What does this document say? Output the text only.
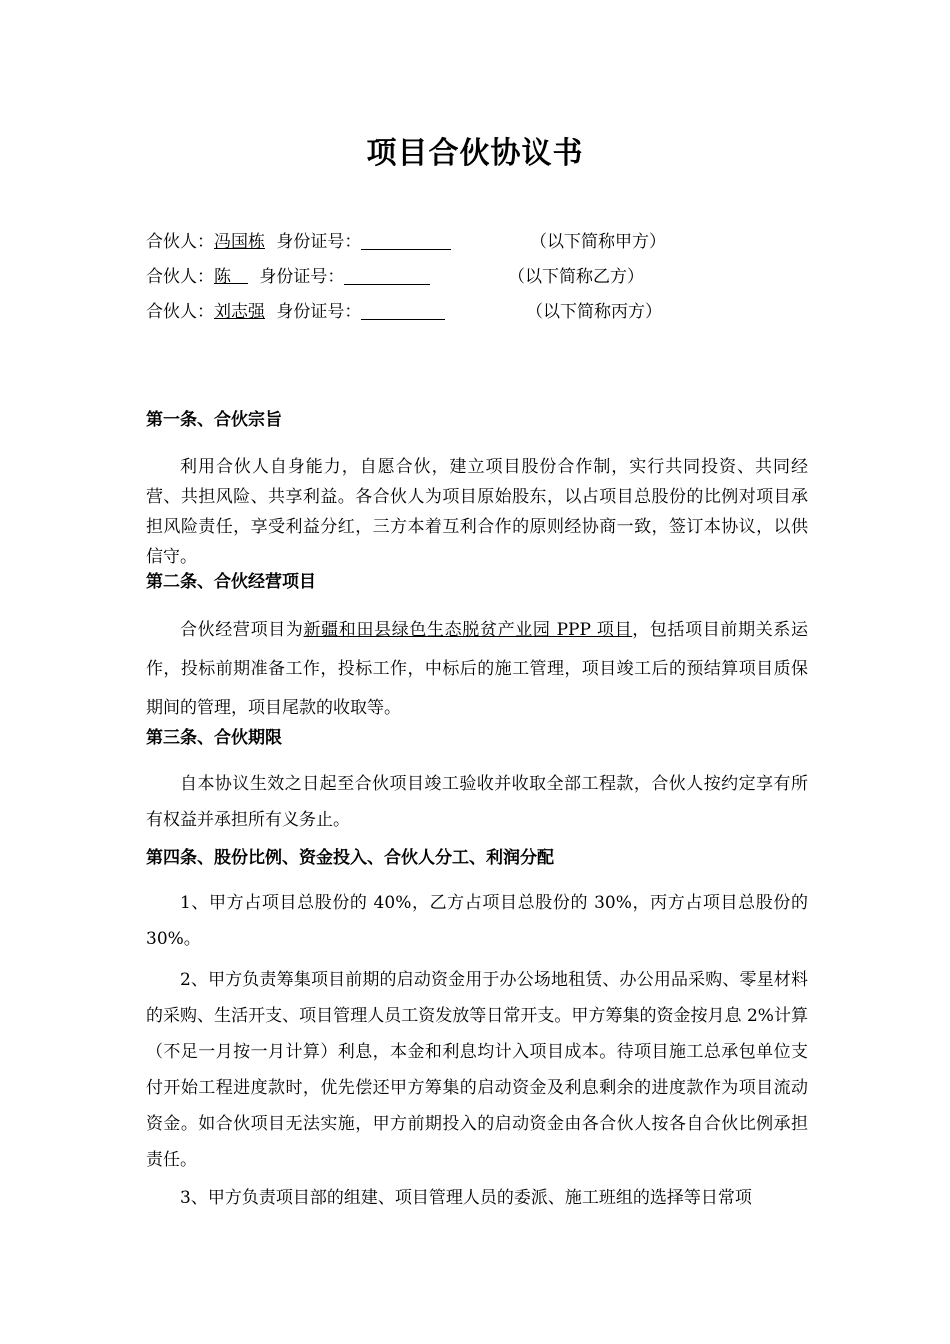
项目合伙协议书
合伙人：冯国栋 身份证号：	（以下简称甲方）
合伙人：陈　 身份证号：	（以下简称乙方）
合伙人：刘志强 身份证号：	（以下简称丙方）
第一条、合伙宗旨

利用合伙人自身能力，自愿合伙，建立项目股份合作制，实行共同投资、共同经营、共担风险、共享利益。各合伙人为项目原始股东，以占项目总股份的比例对项目承担风险责任，享受利益分红，三方本着互利合作的原则经协商一致，签订本协议，以供信守。

第二条、合伙经营项目

合伙经营项目为新疆和田县绿色生态脱贫产业园 PPP 项目，包括项目前期关系运作，投标前期准备工作，投标工作，中标后的施工管理，项目竣工后的预结算项目质保期间的管理，项目尾款的收取等。

第三条、合伙期限

自本协议生效之日起至合伙项目竣工验收并收取全部工程款，合伙人按约定享有所有权益并承担所有义务止。

第四条、股份比例、资金投入、合伙人分工、利润分配

1、甲方占项目总股份的 40%，乙方占项目总股份的 30%，丙方占项目总股份的 30%。

2、甲方负责筹集项目前期的启动资金用于办公场地租赁、办公用品采购、零星材料的采购、生活开支、项目管理人员工资发放等日常开支。甲方筹集的资金按月息 2%计算（不足一月按一月计算）利息，本金和利息均计入项目成本。待项目施工总承包单位支付开始工程进度款时，优先偿还甲方筹集的启动资金及利息剩余的进度款作为项目流动资金。如合伙项目无法实施，甲方前期投入的启动资金由各合伙人按各自合伙比例承担责任。

3、甲方负责项目部的组建、项目管理人员的委派、施工班组的选择等日常项
